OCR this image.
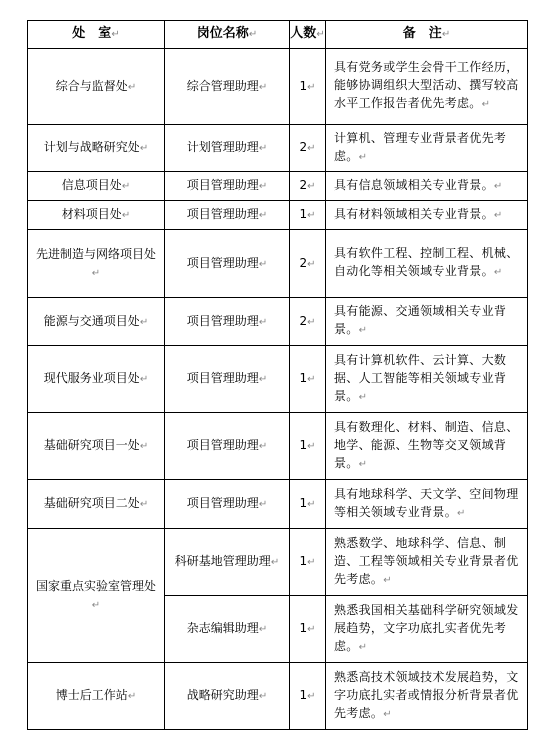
处　室↵	岗位名称↵	人数↵	备　注↵
综合与监督处↵	综合管理助理↵	1↵	具有党务或学生会骨干工作经历，能够协调组织大型活动、撰写较高水平工作报告者优先考虑。↵
计划与战略研究处↵	计划管理助理↵	2↵	计算机、管理专业背景者优先考虑。↵
信息项目处↵	项目管理助理↵	2↵	具有信息领域相关专业背景。↵
材料项目处↵	项目管理助理↵	1↵	具有材料领域相关专业背景。↵
先进制造与网络项目处↵	项目管理助理↵	2↵	具有软件工程、控制工程、机械、自动化等相关领域专业背景。↵
能源与交通项目处↵	项目管理助理↵	2↵	具有能源、交通领域相关专业背景。↵
现代服务业项目处↵	项目管理助理↵	1↵	具有计算机软件、云计算、大数据、人工智能等相关领域专业背景。↵
基础研究项目一处↵	项目管理助理↵	1↵	具有数理化、材料、制造、信息、地学、能源、生物等交叉领域背景。↵
基础研究项目二处↵	项目管理助理↵	1↵	具有地球科学、天文学、空间物理等相关领域专业背景。↵
国家重点实验室管理处↵	科研基地管理助理↵	1↵	熟悉数学、地球科学、信息、制造、工程等领域相关专业背景者优先考虑。↵
	杂志编辑助理↵	1↵	熟悉我国相关基础科学研究领域发展趋势，文字功底扎实者优先考虑。↵
博士后工作站↵	战略研究助理↵	1↵	熟悉高技术领域技术发展趋势，文字功底扎实者或情报分析背景者优先考虑。↵
